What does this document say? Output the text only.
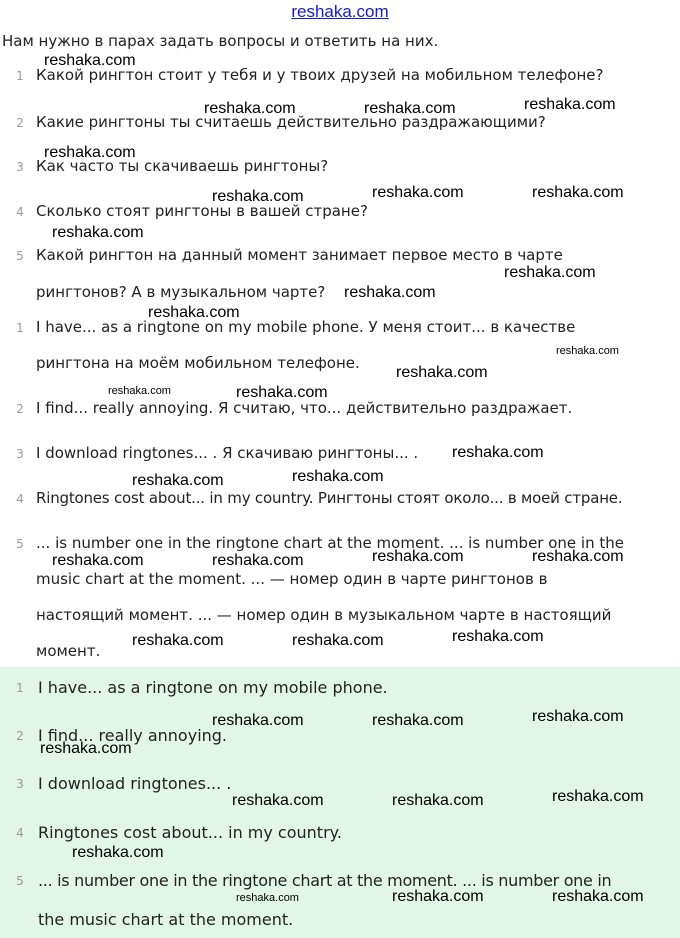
reshaka.com
Нам нужно в парах задать вопросы и ответить на них.
1 Какой рингтон стоит у тебя и у твоих друзей на мобильном телефоне?
2 Какие рингтоны ты считаешь действительно раздражающими?
3 Как часто ты скачиваешь рингтоны?
4 Сколько стоят рингтоны в вашей стране?
5 Какой рингтон на данный момент занимает первое место в чарте
рингтонов? А в музыкальном чарте?
1 I have... as a ringtone on my mobile phone. У меня стоит... в качестве
рингтона на моём мобильном телефоне.
2 I find... really annoying. Я считаю, что... действительно раздражает.
3 I download ringtones... . Я скачиваю рингтоны... .
4 Ringtones cost about... in my country. Рингтоны стоят около... в моей стране.
5 ... is number one in the ringtone chart at the moment. ... is number one in the
music chart at the moment. ... — номер один в чарте рингтонов в
настоящий момент. ... — номер один в музыкальном чарте в настоящий
момент.
1 I have... as a ringtone on my mobile phone.
2 I find... really annoying.
3 I download ringtones... .
4 Ringtones cost about... in my country.
5 ... is number one in the ringtone chart at the moment. ... is number one in
the music chart at the moment.
reshaka.com
reshaka.com	reshaka.com	reshaka.com
reshaka.com
reshaka.com	reshaka.com	reshaka.com
reshaka.com
reshaka.com
reshaka.com
reshaka.com
reshaka.com
reshaka.com
reshaka.com	reshaka.com
reshaka.com
reshaka.com
reshaka.com
reshaka.com	reshaka.com
reshaka.com	reshaka.com
reshaka.com
reshaka.com	reshaka.com
reshaka.com
reshaka.com	reshaka.com
reshaka.com
reshaka.com
reshaka.com	reshaka.com
reshaka.com
reshaka.com	reshaka.com	reshaka.com
